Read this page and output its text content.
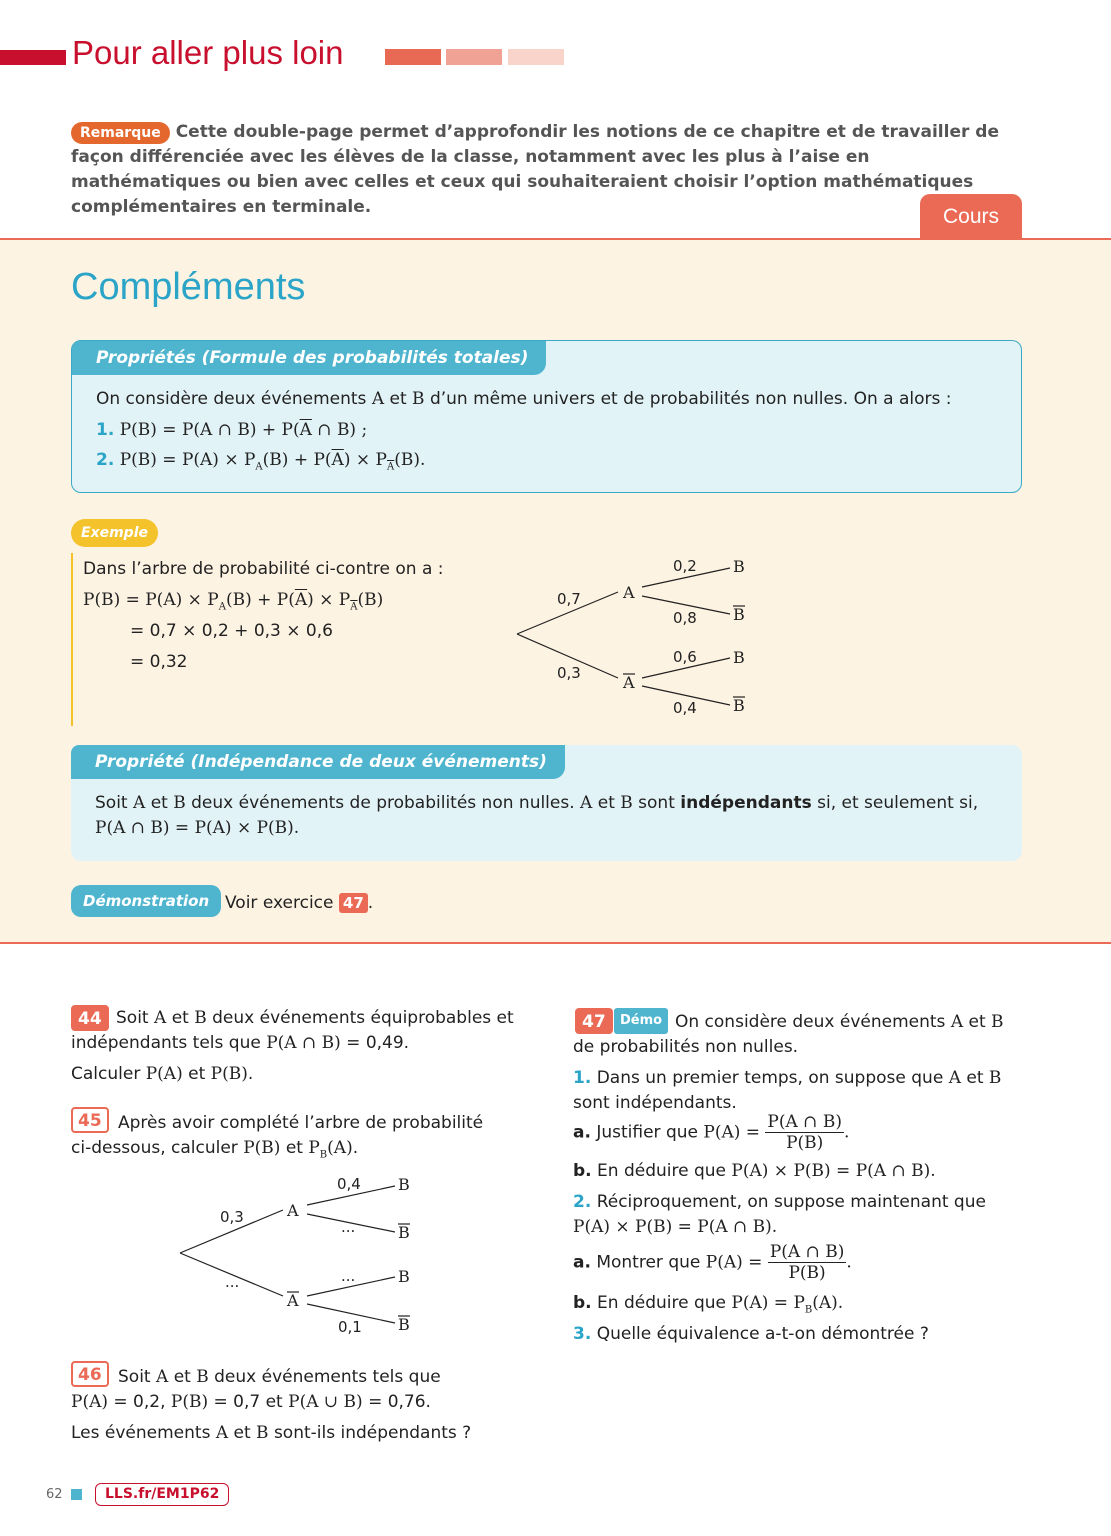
Pour aller plus loin
Remarque Cette double-page permet d’approfondir les notions de ce chapitre et de travailler de façon différenciée avec les élèves de la classe, notamment avec les plus à l’aise en mathématiques ou bien avec celles et ceux qui souhaiteraient choisir l’option mathématiques complémentaires en terminale.	Cours
Compléments
Propriétés (Formule des probabilités totales)
On considère deux événements A et B d’un même univers et de probabilités non nulles. On a alors :
1. P(B) = P(A ∩ $B) + P(\overline{A}$ ∩ B) ;
2. $P(B) = P(A) \times P_A(B) + P(\overline{A}) \times P_{\overline{A}}(B)$.
Exemple
Dans l’arbre de probabilité ci-contre on a :
$P(B) = P(A) \times P_A(B) + P(\overline{A}) \times P_{\overline{A}}(B)$
= 0,7 × 0,2 + 0,3 × 0,6
= 0,32
A
A
B
B
B
B
0,7
0,3
0,2
0,8
0,6
0,4
Propriété (Indépendance de deux événements)
Soit A et B deux événements de probabilités non nulles. A et B sont indépendants si, et seulement si,
P(A ∩ B) = P(A) × P(B).
Démonstration Voir exercice 47 .
44 Soit A et B deux événements équiprobables et
indépendants tels que P(A ∩ B) = 0,49.
Calculer P(A) et P(B).
45 Après avoir complété l’arbre de probabilité
ci-dessous, calculer P(B) et $P_B(A)$.
A
A
B
B
B
B
0,3
...
0,4
...
...
0,1
46 Soit A et B deux événements tels que
P(A) = 0,2, P(B) = 0,7 et P(A ∪ B) = 0,76.
Les événements A et B sont-ils indépendants ?
47	Démo On considère deux événements A et B
de probabilités non nulles.
1. Dans un premier temps, on suppose que A et B
sont indépendants.
a. Justifier que $P(A) = \frac{P(A \cap B)}{P(B)}$ .
b. En déduire que P(A) × P(B) = P(A ∩ B).
2. Réciproquement, on suppose maintenant que
P(A) × P(B) = P(A ∩ B).
a. Montrer que $P(A) = \frac{P(A \cap B)}{P(B)}$ .
b. En déduire que $P(A) = P_B(A)$.
3. Quelle équivalence a-t-on démontrée ?
62	LLS.fr/EM1P62
